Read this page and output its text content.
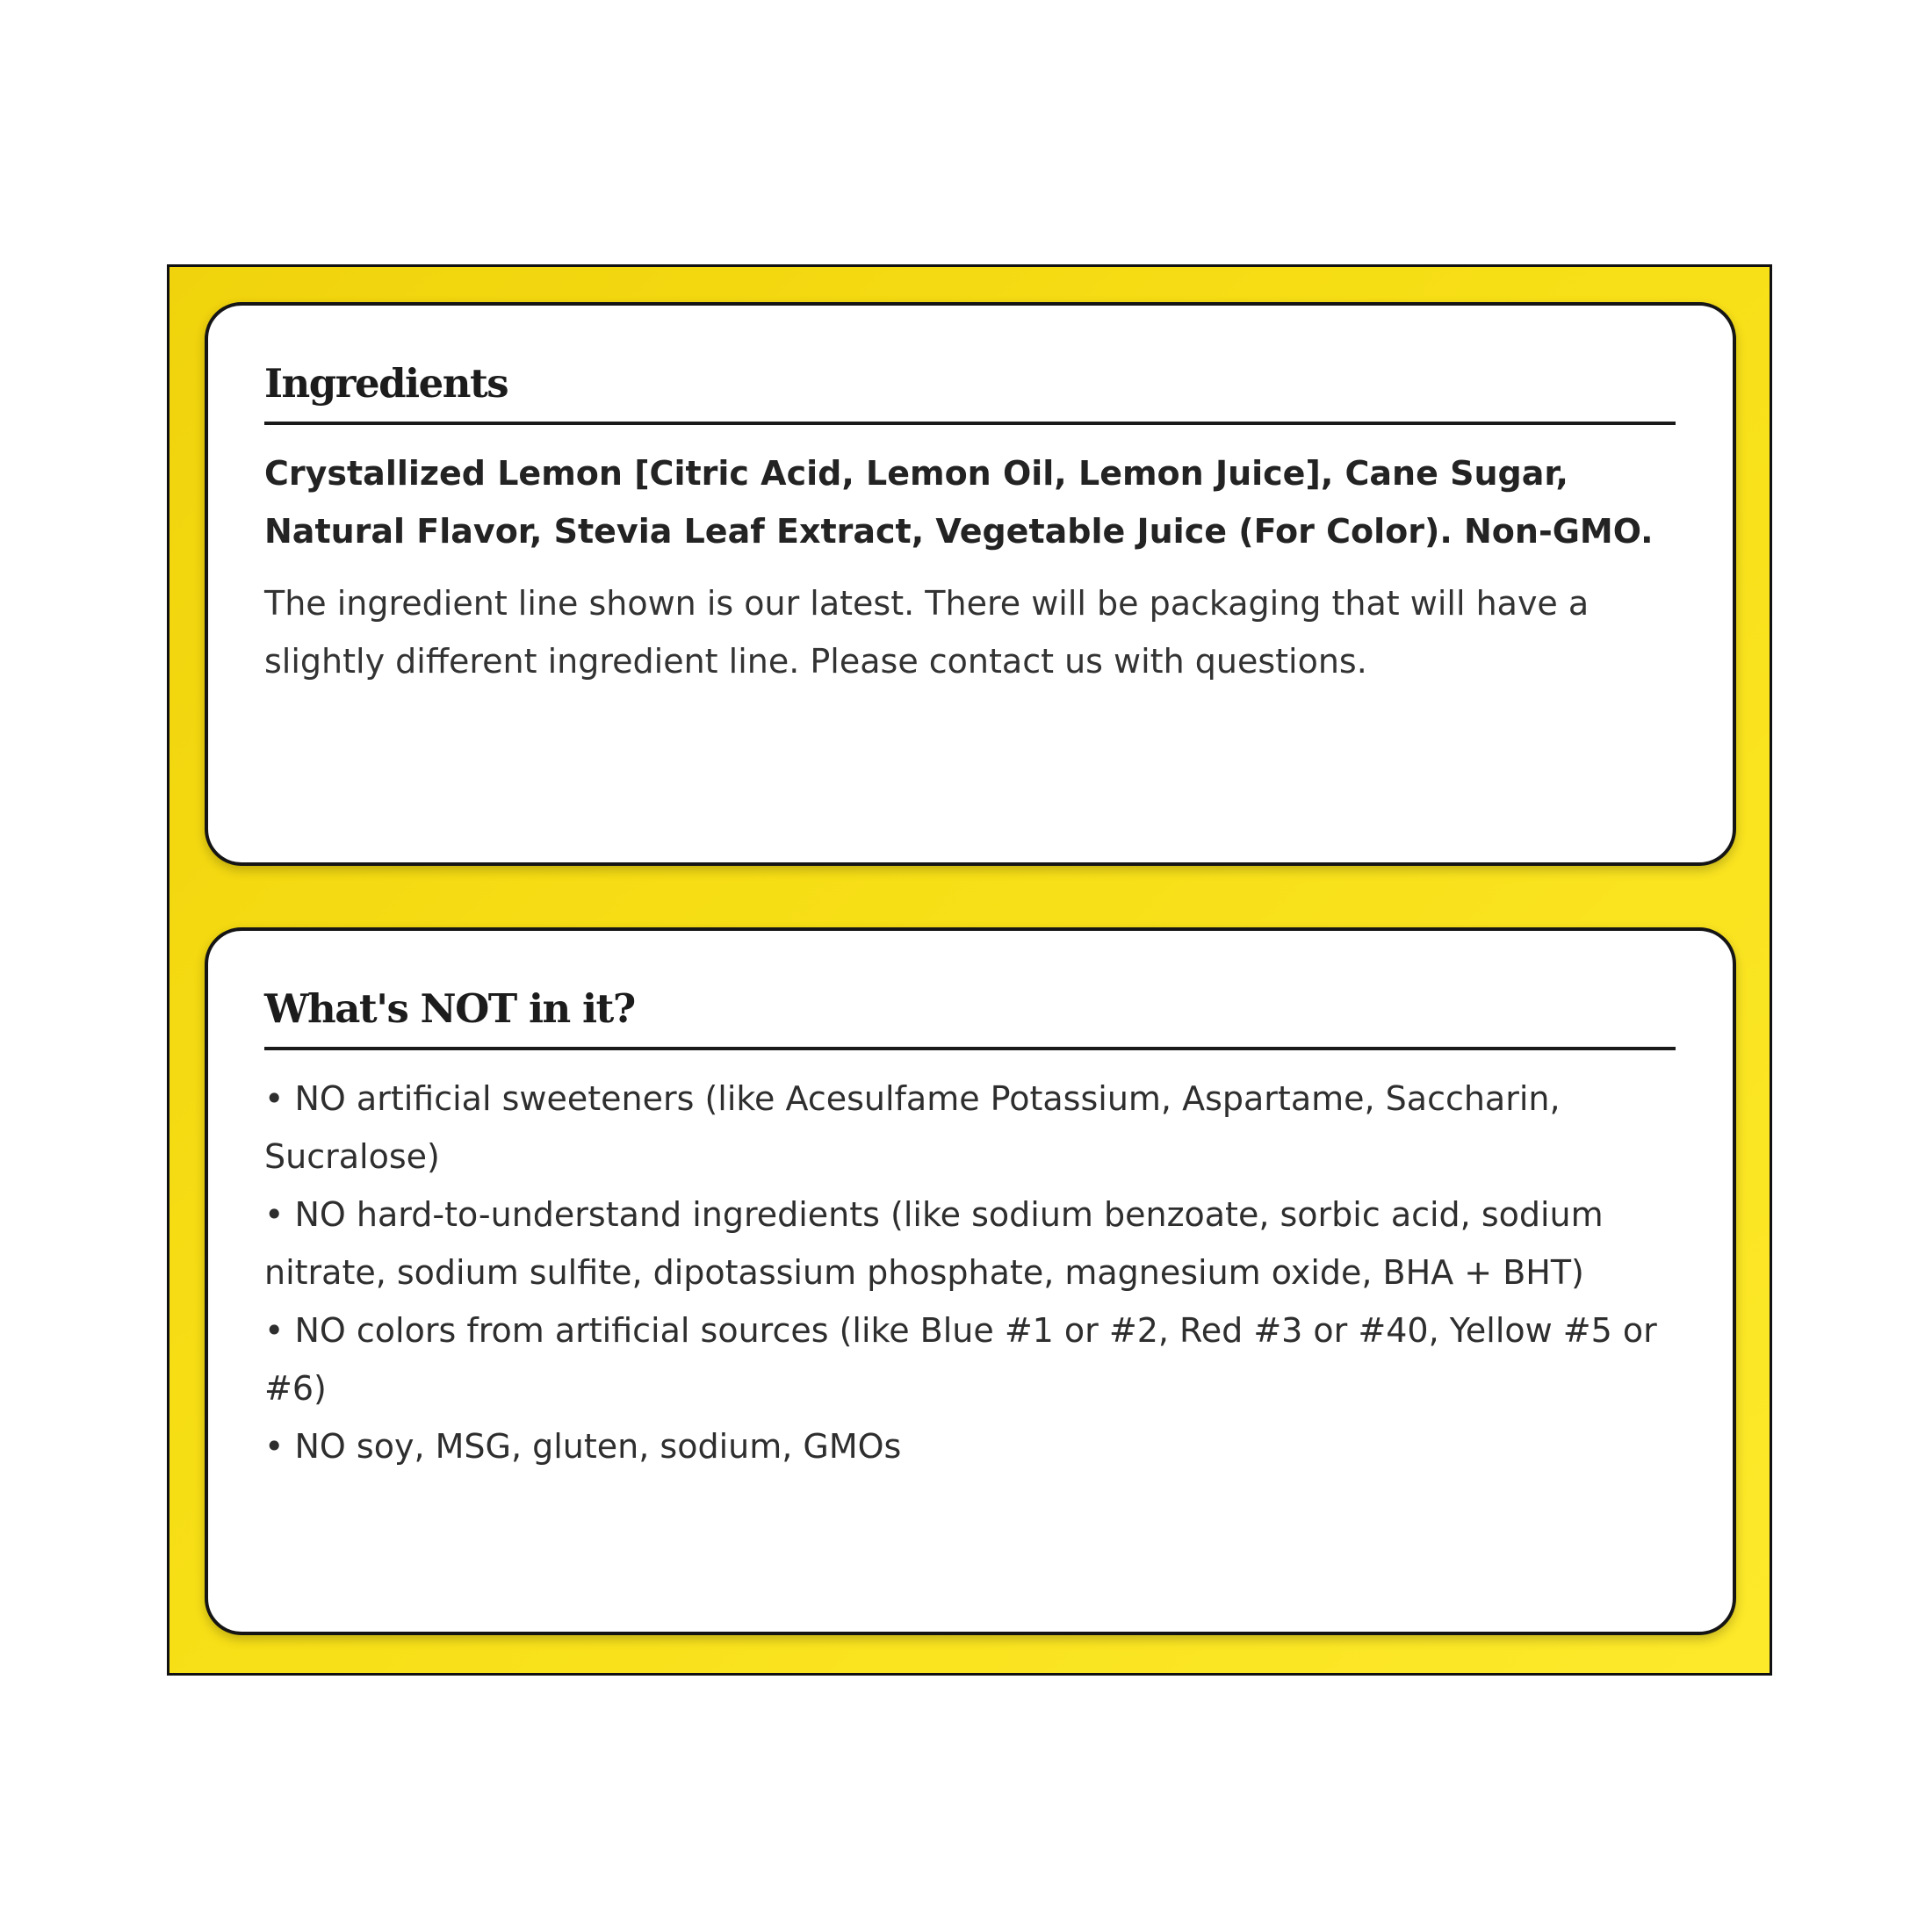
Ingredients

Crystallized Lemon [Citric Acid, Lemon Oil, Lemon Juice], Cane Sugar, Natural Flavor, Stevia Leaf Extract, Vegetable Juice (For Color). Non-GMO.

The ingredient line shown is our latest. There will be packaging that will have a slightly different ingredient line. Please contact us with questions.

What's NOT in it?
• NO artificial sweeteners (like Acesulfame Potassium, Aspartame, Saccharin, Sucralose)
• NO hard-to-understand ingredients (like sodium benzoate, sorbic acid, sodium nitrate, sodium sulfite, dipotassium phosphate, magnesium oxide, BHA + BHT)
• NO colors from artificial sources (like Blue #1 or #2, Red #3 or #40, Yellow #5 or #6)
• NO soy, MSG, gluten, sodium, GMOs
